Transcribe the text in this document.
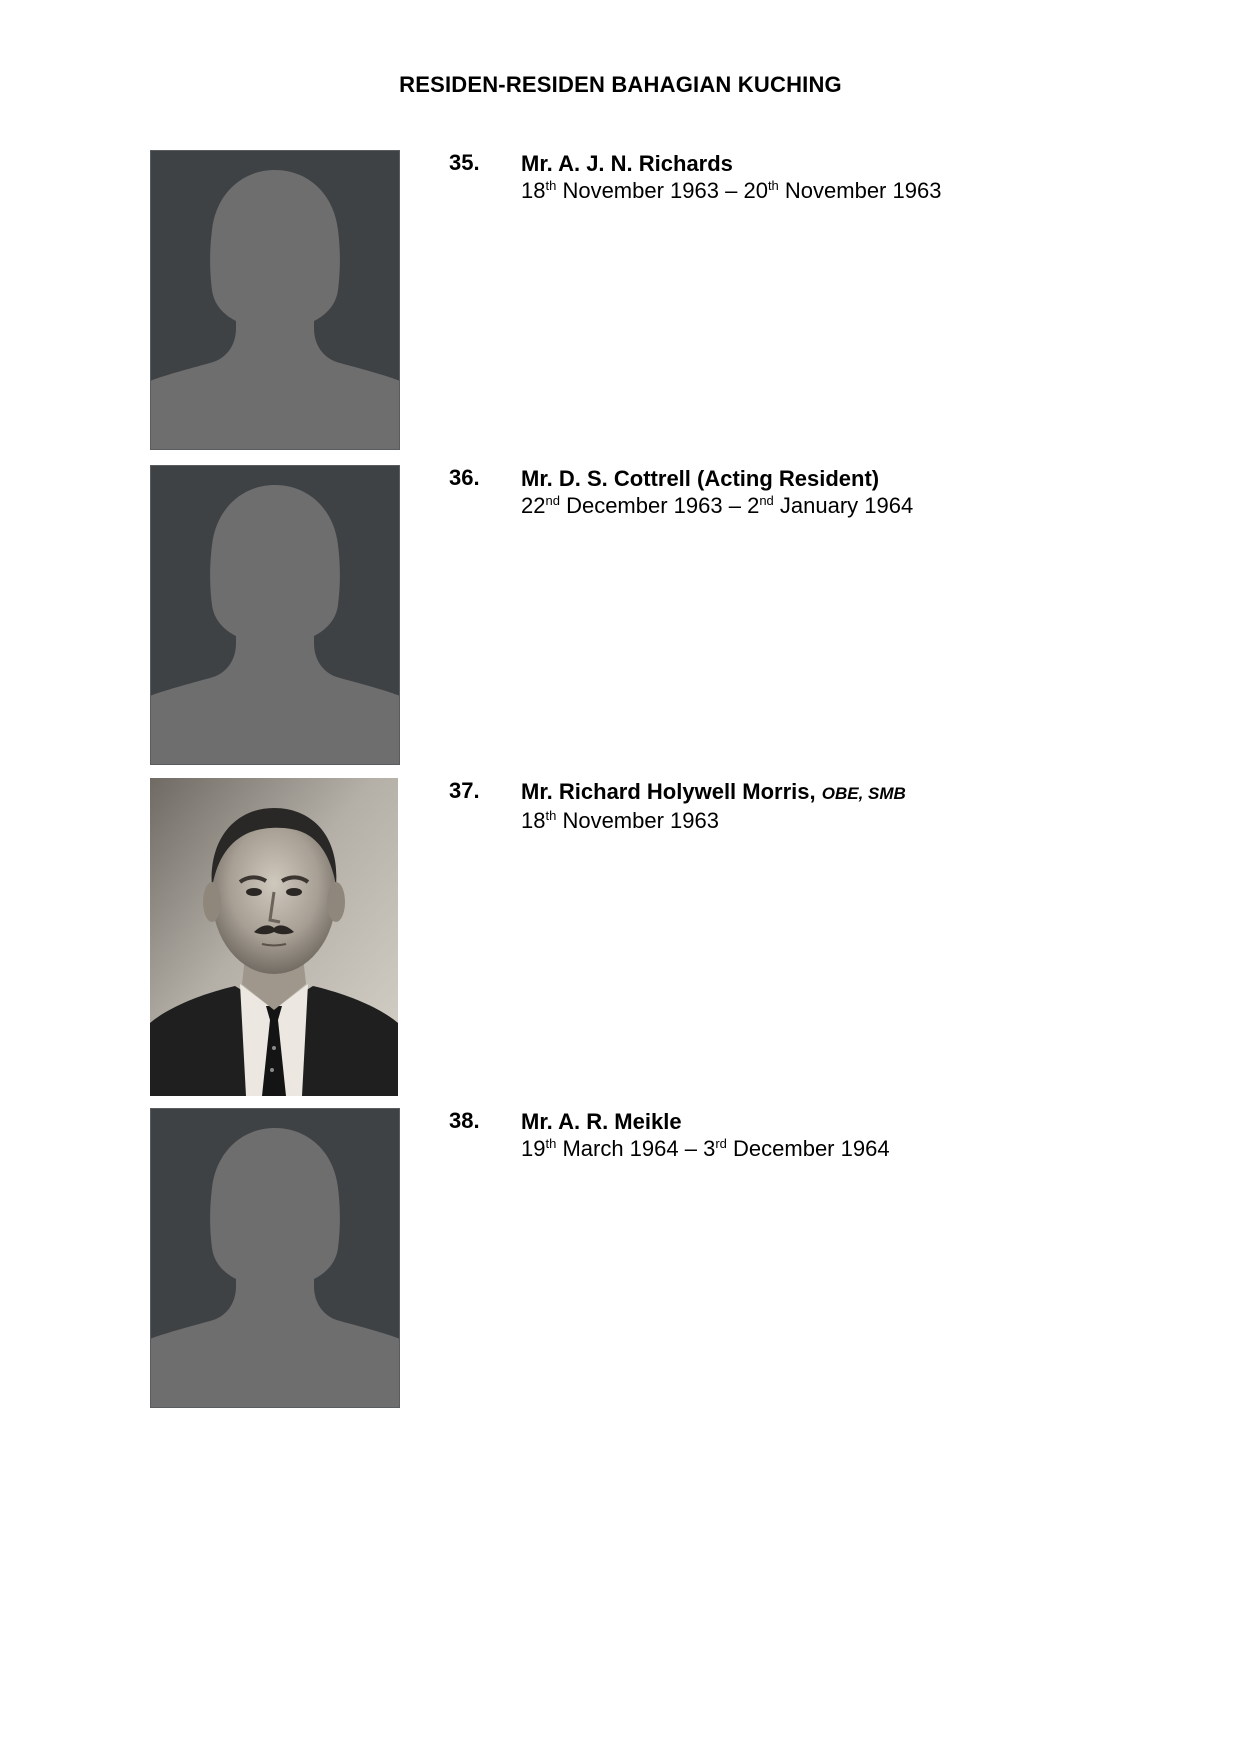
RESIDEN-RESIDEN BAHAGIAN KUCHING
35. Mr. A. J. N. Richards
18th November 1963 – 20th November 1963
36. Mr. D. S. Cottrell (Acting Resident)
22nd December 1963 – 2nd January 1964
37. Mr. Richard Holywell Morris, OBE, SMB
18th November 1963
38. Mr. A. R. Meikle
19th March 1964 – 3rd December 1964
